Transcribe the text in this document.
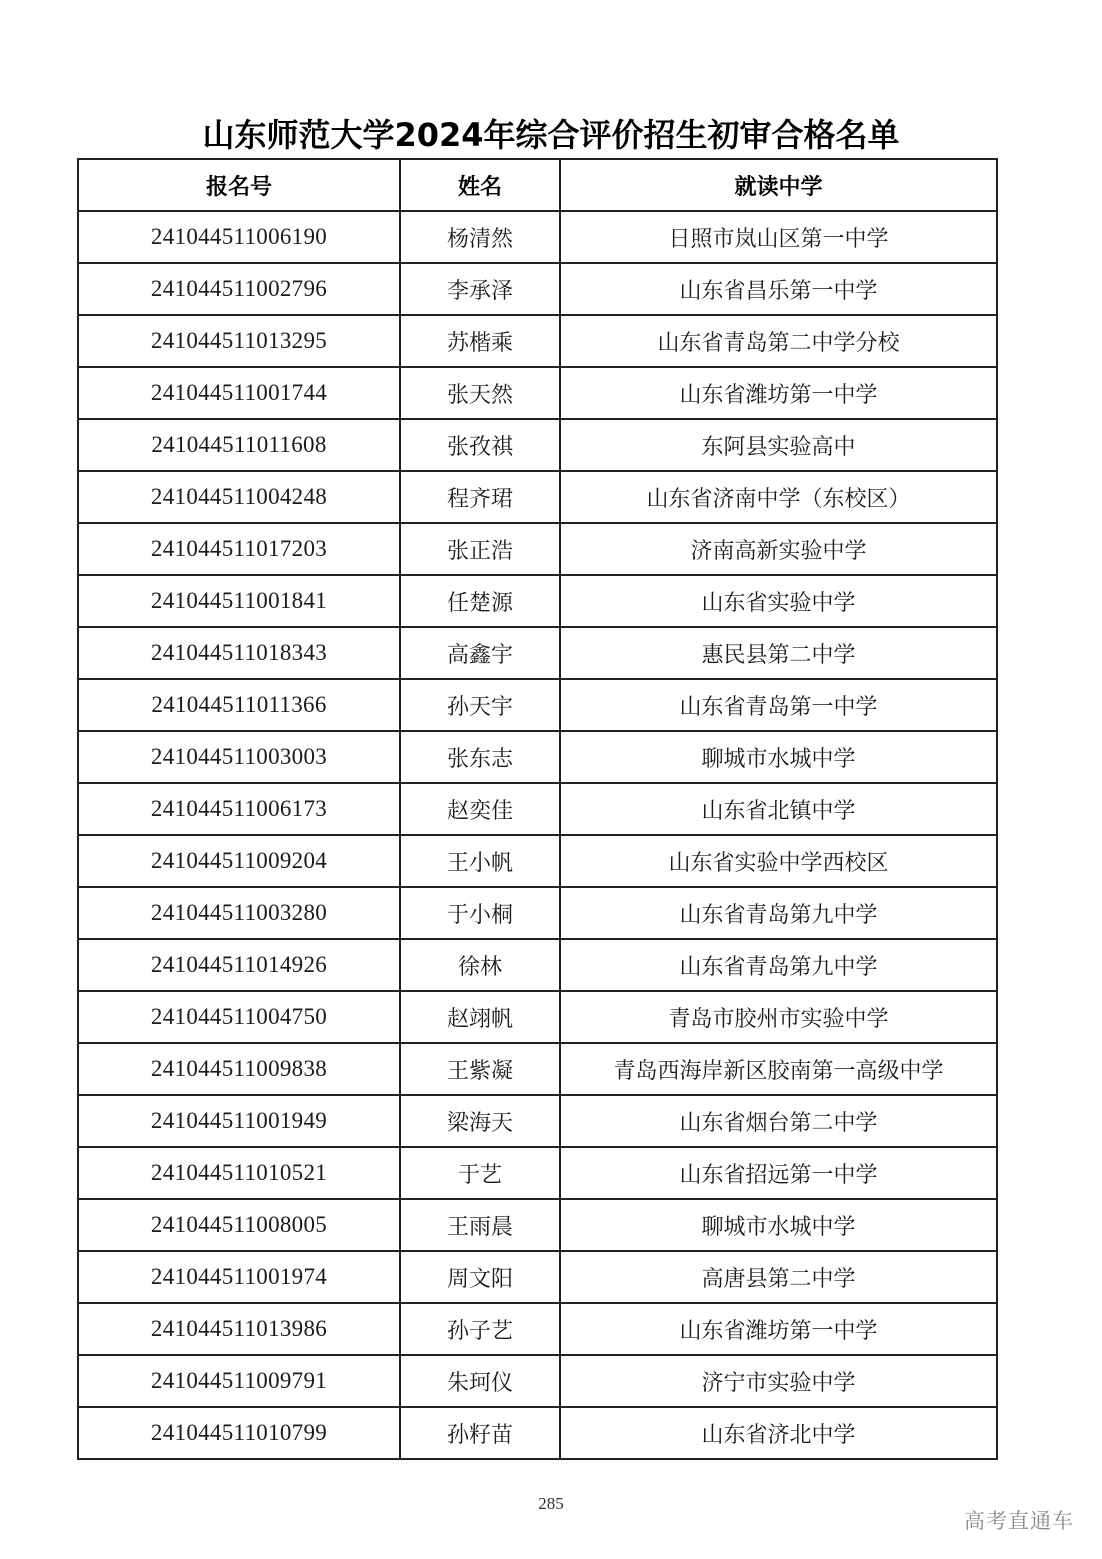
山东师范大学2024年综合评价招生初审合格名单
报名号	姓名	就读中学
241044511006190	杨清然	日照市岚山区第一中学
241044511002796	李承泽	山东省昌乐第一中学
241044511013295	苏楷乘	山东省青岛第二中学分校
241044511001744	张天然	山东省潍坊第一中学
241044511011608	张孜祺	东阿县实验高中
241044511004248	程齐珺	山东省济南中学（东校区）
241044511017203	张正浩	济南高新实验中学
241044511001841	任楚源	山东省实验中学
241044511018343	高鑫宇	惠民县第二中学
241044511011366	孙天宇	山东省青岛第一中学
241044511003003	张东志	聊城市水城中学
241044511006173	赵奕佳	山东省北镇中学
241044511009204	王小帆	山东省实验中学西校区
241044511003280	于小桐	山东省青岛第九中学
241044511014926	徐林	山东省青岛第九中学
241044511004750	赵翊帆	青岛市胶州市实验中学
241044511009838	王紫凝	青岛西海岸新区胶南第一高级中学
241044511001949	梁海天	山东省烟台第二中学
241044511010521	于艺	山东省招远第一中学
241044511008005	王雨晨	聊城市水城中学
241044511001974	周文阳	高唐县第二中学
241044511013986	孙子艺	山东省潍坊第一中学
241044511009791	朱珂仪	济宁市实验中学
241044511010799	孙籽苗	山东省济北中学
285
高考直通车
